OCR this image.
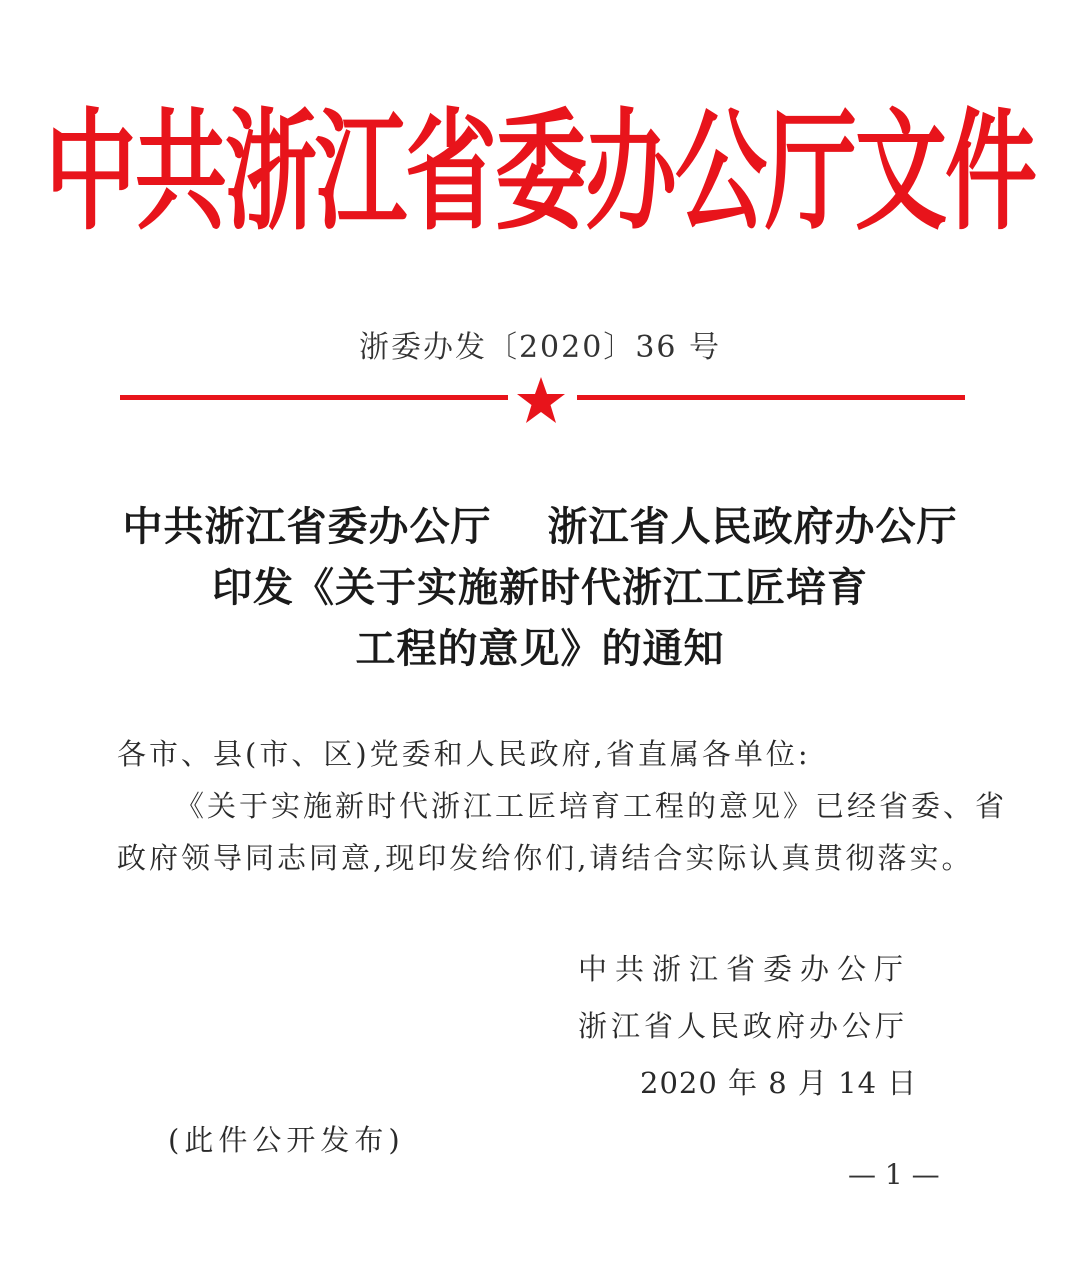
中共浙江省委办公厅文件
浙委办发〔2020〕36 号
中共浙江省委办公厅　 浙江省人民政府办公厅
印发《关于实施新时代浙江工匠培育
工程的意见》的通知
各市、县(市、区)党委和人民政府,省直属各单位:
《关于实施新时代浙江工匠培育工程的意见》已经省委、省
政府领导同志同意,现印发给你们,请结合实际认真贯彻落实。
中共浙江省委办公厅
浙江省人民政府办公厅
2020 年 8 月 14 日
(此件公开发布)
— 1 —
